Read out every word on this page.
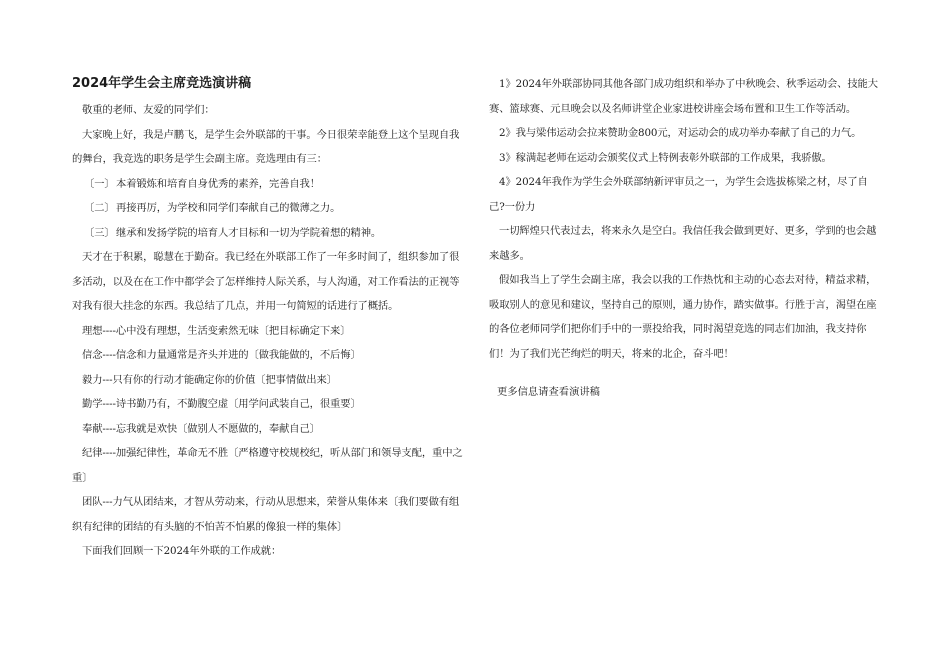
2024年学生会主席竞选演讲稿

敬重的老师、友爱的同学们：

大家晚上好，我是卢鹏飞，是学生会外联部的干事。今日很荣幸能登上这个呈现自我的舞台，我竞选的职务是学生会副主席。竞选理由有三：

〔一〕本着锻炼和培育自身优秀的素养，完善自我！

〔二〕再接再厉，为学校和同学们奉献自己的微薄之力。

〔三〕继承和发扬学院的培育人才目标和一切为学院着想的精神。

天才在于积累，聪慧在于勤奋。我已经在外联部工作了一年多时间了，组织参加了很多活动，以及在在工作中都学会了怎样维持人际关系，与人沟通，对工作看法的正视等对我有很大挂念的东西。我总结了几点，并用一句简短的话进行了概括。

理想----心中没有理想，生活变索然无味〔把目标确定下来〕

信念----信念和力量通常是齐头并进的〔做我能做的，不后悔〕

毅力---只有你的行动才能确定你的价值〔把事情做出来〕

勤学----诗书勤乃有，不勤腹空虚〔用学问武装自己，很重要〕

奉献----忘我就是欢快〔做别人不愿做的，奉献自己〕

纪律----加强纪律性，革命无不胜〔严格遵守校规校纪，听从部门和领导支配，重中之重〕

团队---力气从团结来，才智从劳动来，行动从思想来，荣誉从集体来〔我们要做有组织有纪律的团结的有头脑的不怕苦不怕累的像狼一样的集体〕

下面我们回顾一下2024年外联的工作成就：

1》2024年外联部协同其他各部门成功组织和举办了中秋晚会、秋季运动会、技能大赛、篮球赛、元旦晚会以及名师讲堂企业家进校讲座会场布置和卫生工作等活动。

2》我与梁伟运动会拉来赞助金800元，对运动会的成功举办奉献了自己的力气。

3》稼满起老师在运动会颁奖仪式上特例表彰外联部的工作成果，我骄傲。

4》2024年我作为学生会外联部纳新评审员之一，为学生会选拔栋梁之材，尽了自己?一份力

一切辉煌只代表过去，将来永久是空白。我信任我会做到更好、更多，学到的也会越来越多。

假如我当上了学生会副主席，我会以我的工作热忱和主动的心态去对待，精益求精，吸取别人的意见和建议，坚持自己的原则，通力协作，踏实做事。行胜于言，渴望在座的各位老师同学们把你们手中的一票投给我，同时渴望竞选的同志们加油，我支持你们！为了我们光芒绚烂的明天，将来的北企，奋斗吧！

更多信息请查看演讲稿
